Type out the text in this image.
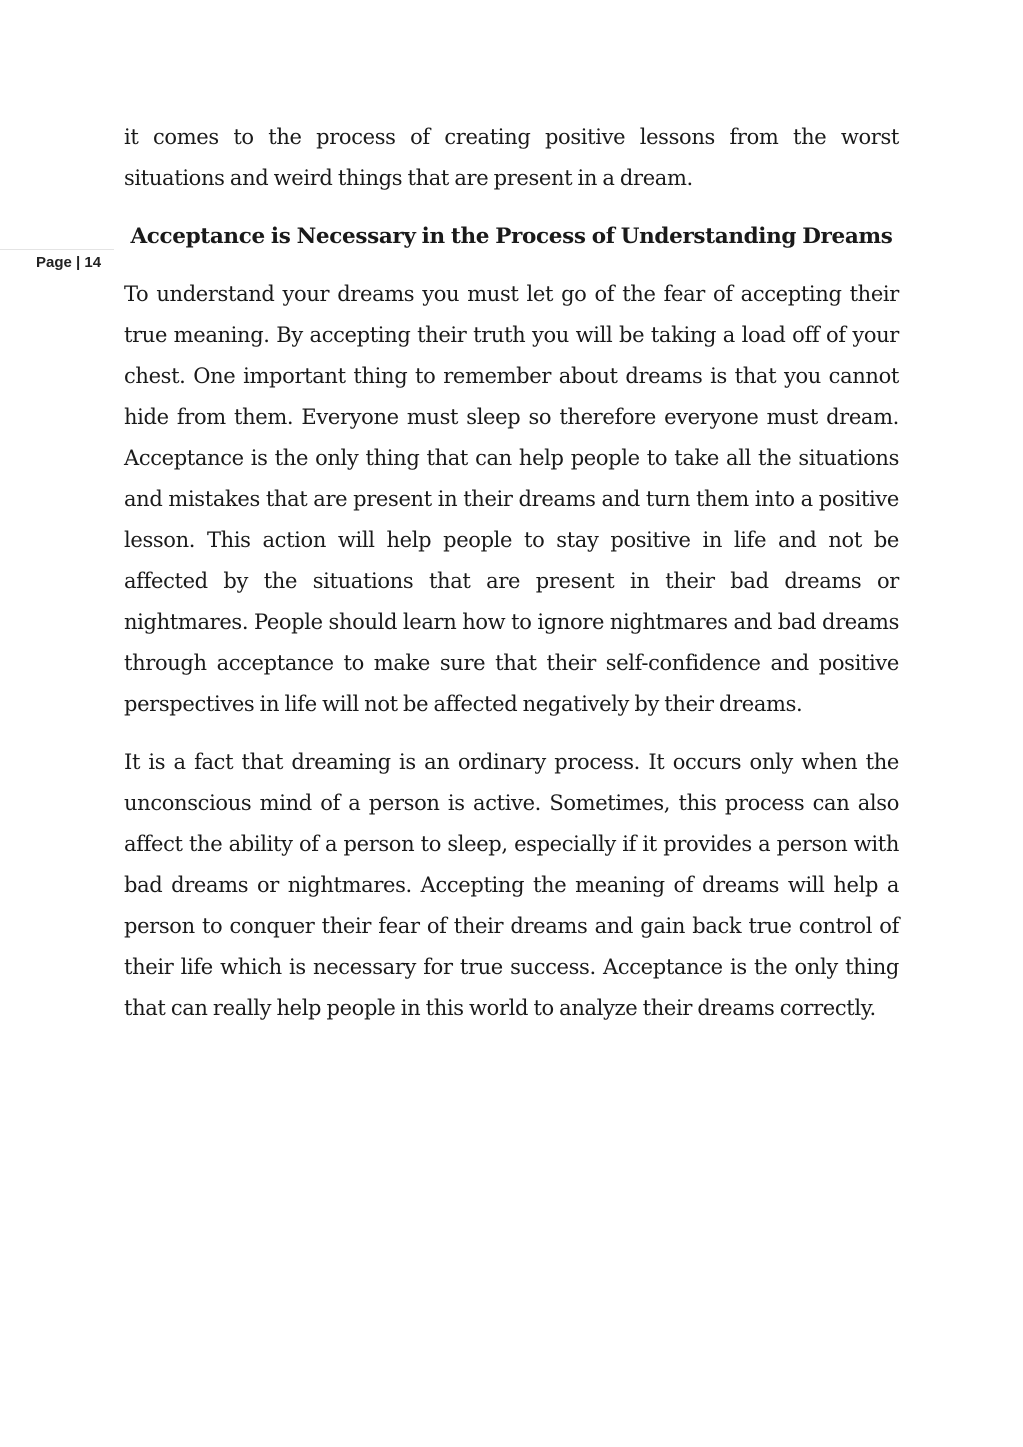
Page | 14

it comes to the process of creating positive lessons from the worst situations and weird things that are present in a dream.

Acceptance is Necessary in the Process of Understanding Dreams

To understand your dreams you must let go of the fear of accepting their true meaning. By accepting their truth you will be taking a load off of your chest. One important thing to remember about dreams is that you cannot hide from them. Everyone must sleep so therefore everyone must dream. Acceptance is the only thing that can help people to take all the situations and mistakes that are present in their dreams and turn them into a positive lesson. This action will help people to stay positive in life and not be affected by the situations that are present in their bad dreams or nightmares. People should learn how to ignore nightmares and bad dreams through acceptance to make sure that their self-confidence and positive perspectives in life will not be affected negatively by their dreams.

It is a fact that dreaming is an ordinary process. It occurs only when the unconscious mind of a person is active. Sometimes, this process can also affect the ability of a person to sleep, especially if it provides a person with bad dreams or nightmares. Accepting the meaning of dreams will help a person to conquer their fear of their dreams and gain back true control of their life which is necessary for true success. Acceptance is the only thing that can really help people in this world to analyze their dreams correctly.
